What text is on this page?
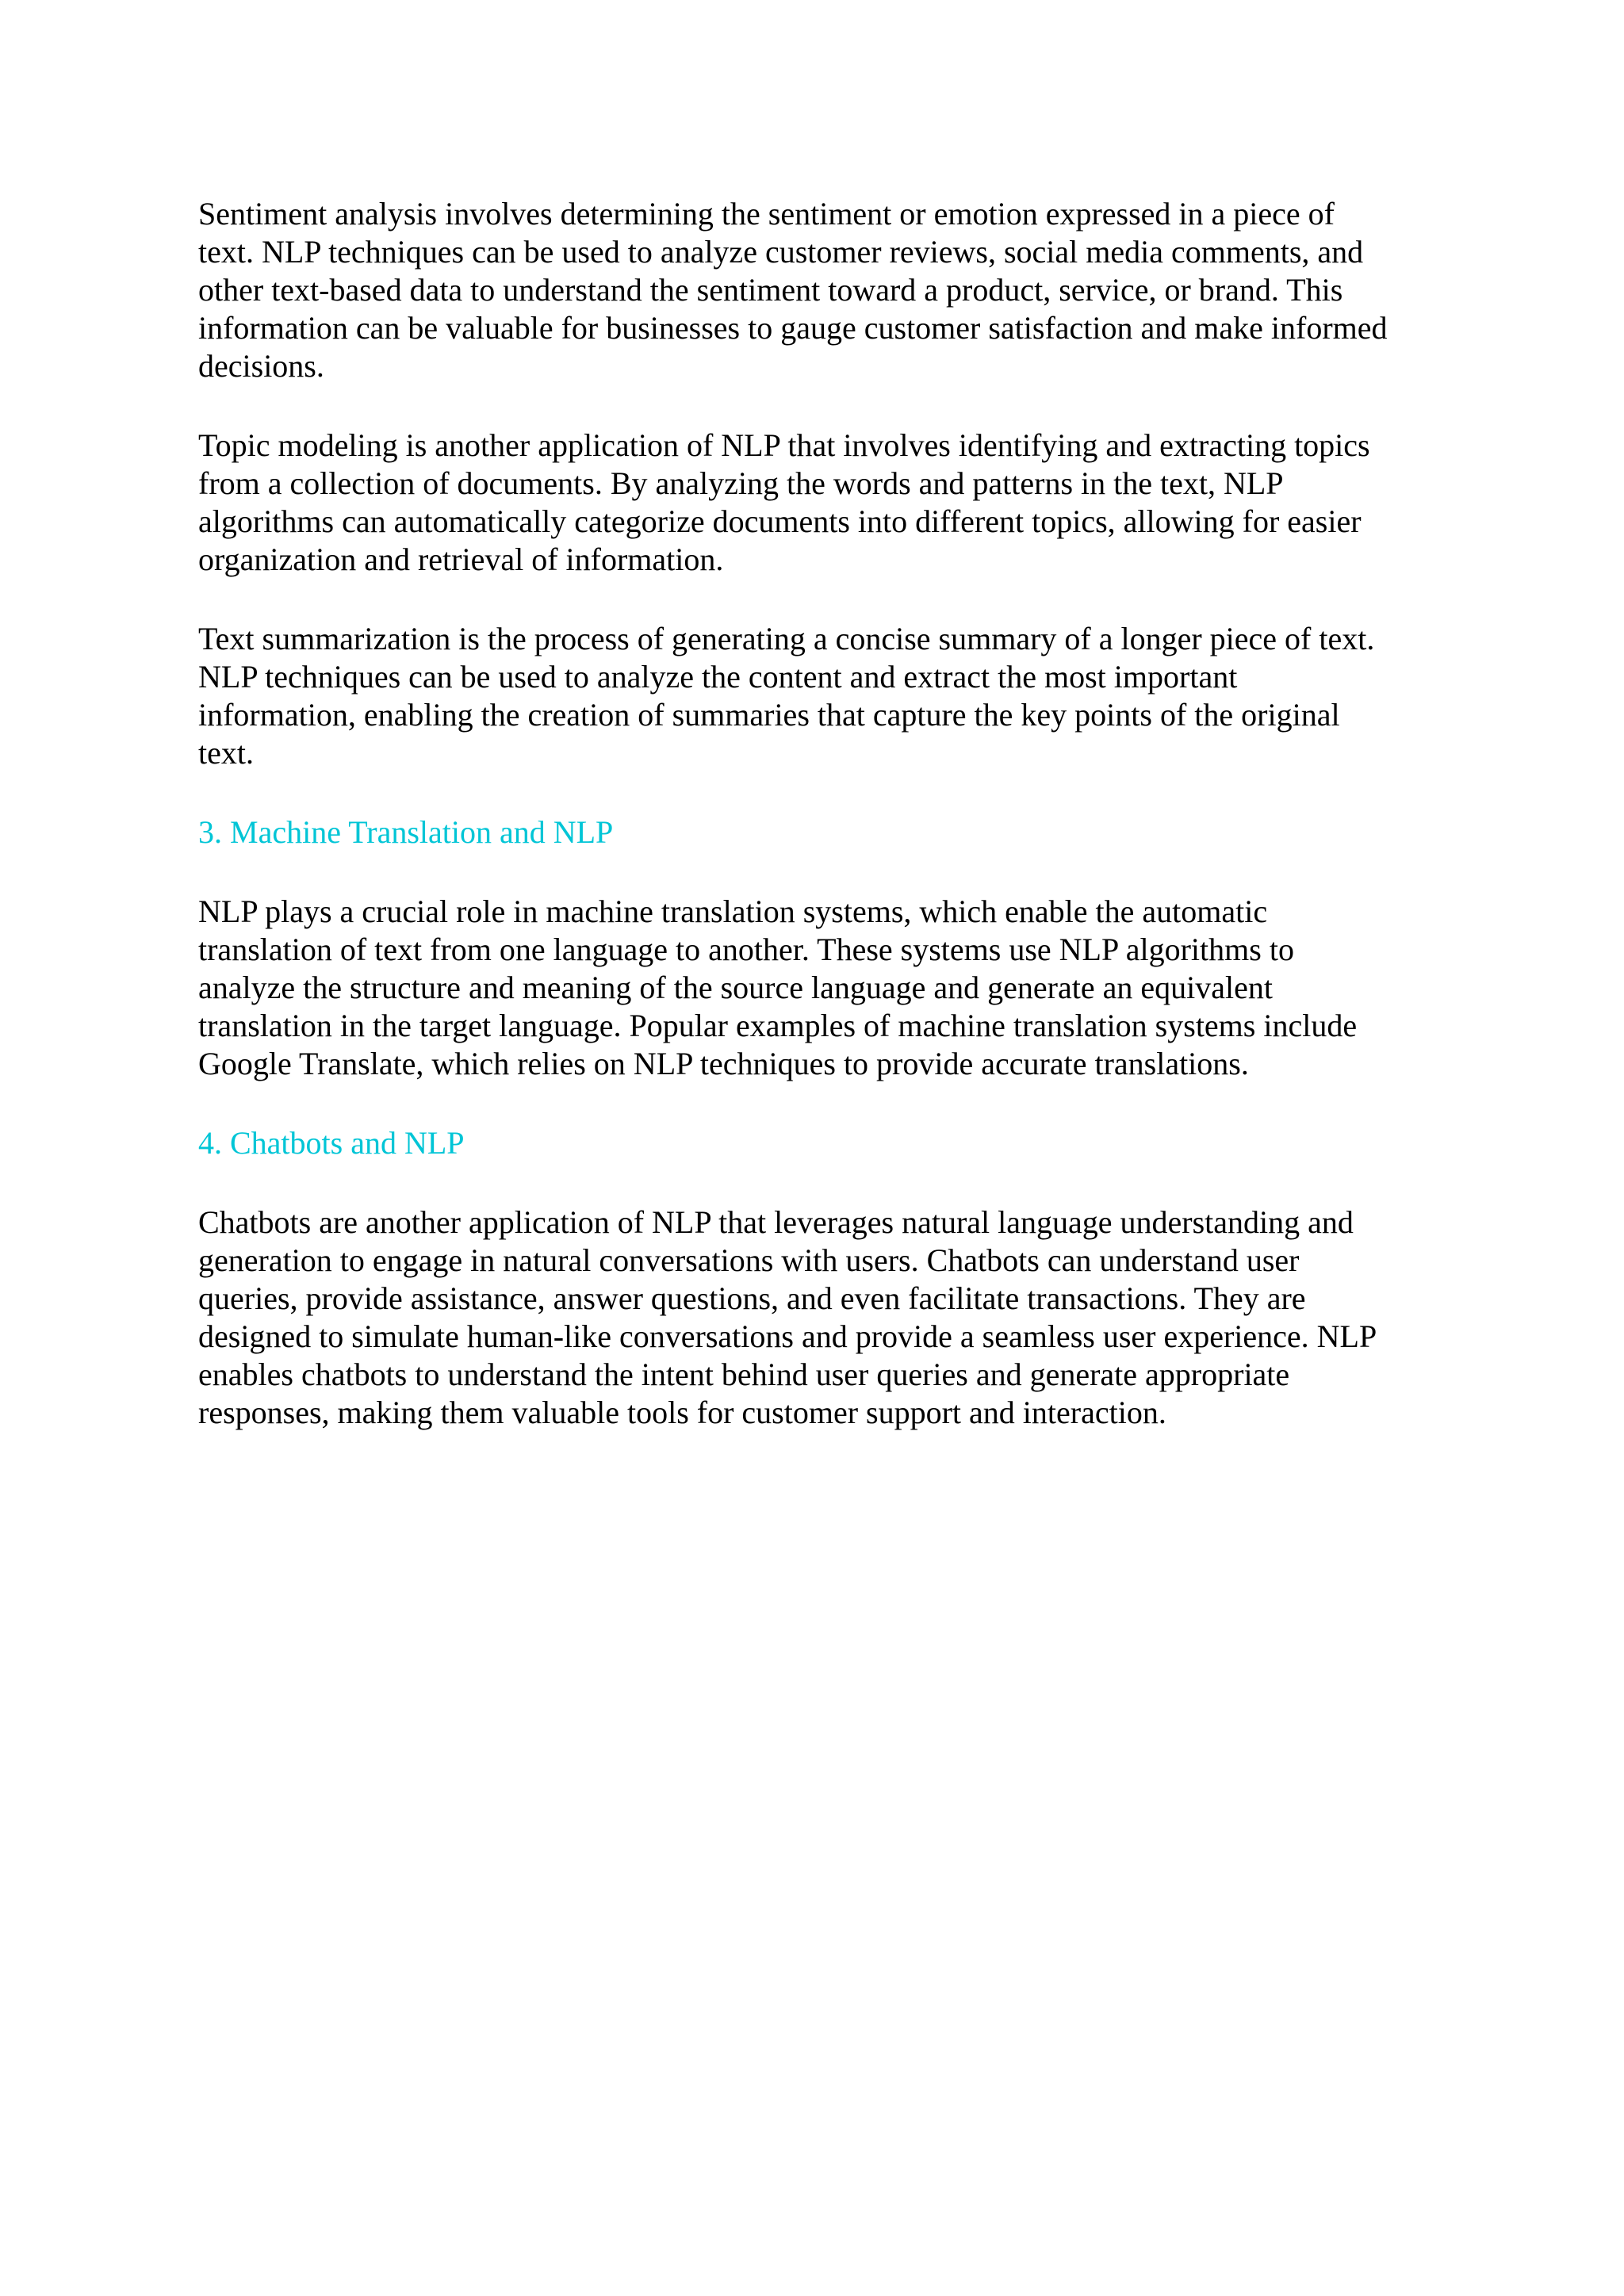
Sentiment analysis involves determining the sentiment or emotion expressed in a piece of
text. NLP techniques can be used to analyze customer reviews, social media comments, and
other text-based data to understand the sentiment toward a product, service, or brand. This
information can be valuable for businesses to gauge customer satisfaction and make informed
decisions.

Topic modeling is another application of NLP that involves identifying and extracting topics
from a collection of documents. By analyzing the words and patterns in the text, NLP
algorithms can automatically categorize documents into different topics, allowing for easier
organization and retrieval of information.

Text summarization is the process of generating a concise summary of a longer piece of text.
NLP techniques can be used to analyze the content and extract the most important
information, enabling the creation of summaries that capture the key points of the original
text.

3. Machine Translation and NLP

NLP plays a crucial role in machine translation systems, which enable the automatic
translation of text from one language to another. These systems use NLP algorithms to
analyze the structure and meaning of the source language and generate an equivalent
translation in the target language. Popular examples of machine translation systems include
Google Translate, which relies on NLP techniques to provide accurate translations.

4. Chatbots and NLP

Chatbots are another application of NLP that leverages natural language understanding and
generation to engage in natural conversations with users. Chatbots can understand user
queries, provide assistance, answer questions, and even facilitate transactions. They are
designed to simulate human-like conversations and provide a seamless user experience. NLP
enables chatbots to understand the intent behind user queries and generate appropriate
responses, making them valuable tools for customer support and interaction.
